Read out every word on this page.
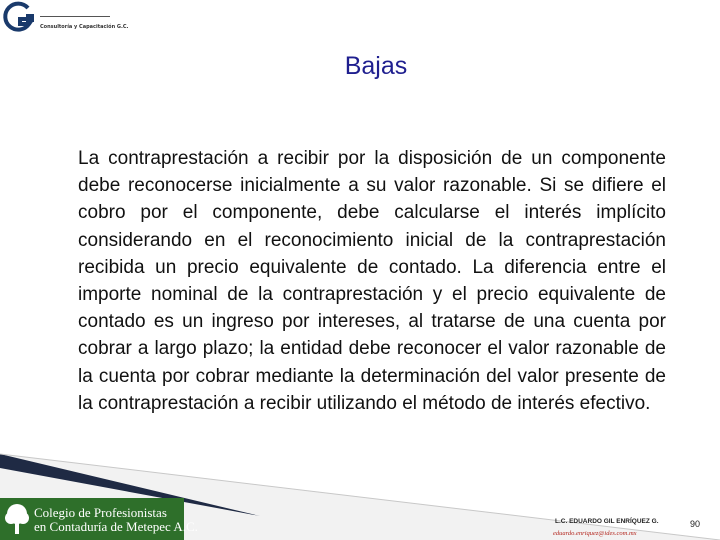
Consultoría y Capacitación G.C.
Bajas

La contraprestación a recibir por la disposición de un componente debe reconocerse inicialmente a su valor razonable. Si se difiere el cobro por el componente, debe calcularse el interés implícito considerando en el reconocimiento inicial de la contraprestación recibida un precio equivalente de contado. La diferencia entre el importe nominal de la contraprestación y el precio equivalente de contado es un ingreso por intereses, al tratarse de una cuenta por cobrar a largo plazo; la entidad debe reconocer el valor razonable de la cuenta por cobrar mediante la determinación del valor presente de la contraprestación a recibir utilizando el método de interés efectivo.

Colegio de Profesionistas
en Contaduría de Metepec A.C.	L.C. EDUARDO GIL ENRÍQUEZ G.
eduardo.enriquez@ides.com.mx
90
